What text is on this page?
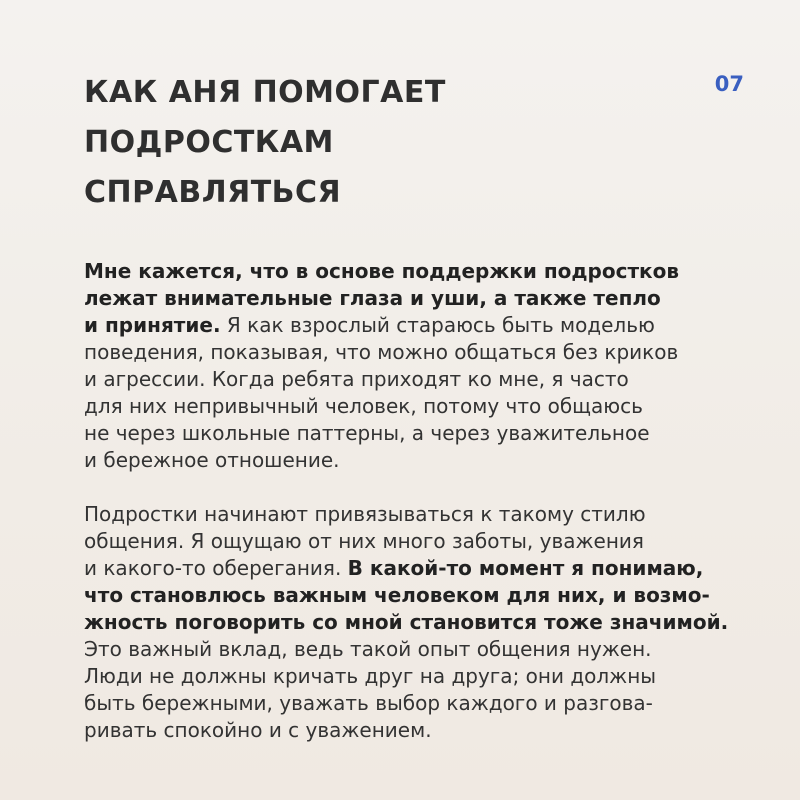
07
КАК АНЯ ПОМОГАЕТ
ПОДРОСТКАМ
СПРАВЛЯТЬСЯ

Мне кажется, что в основе поддержки подростков
лежат внимательные глаза и уши, а также тепло
и принятие. Я как взрослый стараюсь быть моделью
поведения, показывая, что можно общаться без криков
и агрессии. Когда ребята приходят ко мне, я часто
для них непривычный человек, потому что общаюсь
не через школьные паттерны, а через уважительное
и бережное отношение.

Подростки начинают привязываться к такому стилю
общения. Я ощущаю от них много заботы, уважения
и какого-то оберегания. В какой-то момент я понимаю,
что становлюсь важным человеком для них, и возмо-
жность поговорить со мной становится тоже значимой.
Это важный вклад, ведь такой опыт общения нужен.
Люди не должны кричать друг на друга; они должны
быть бережными, уважать выбор каждого и разгова-
ривать спокойно и с уважением.
